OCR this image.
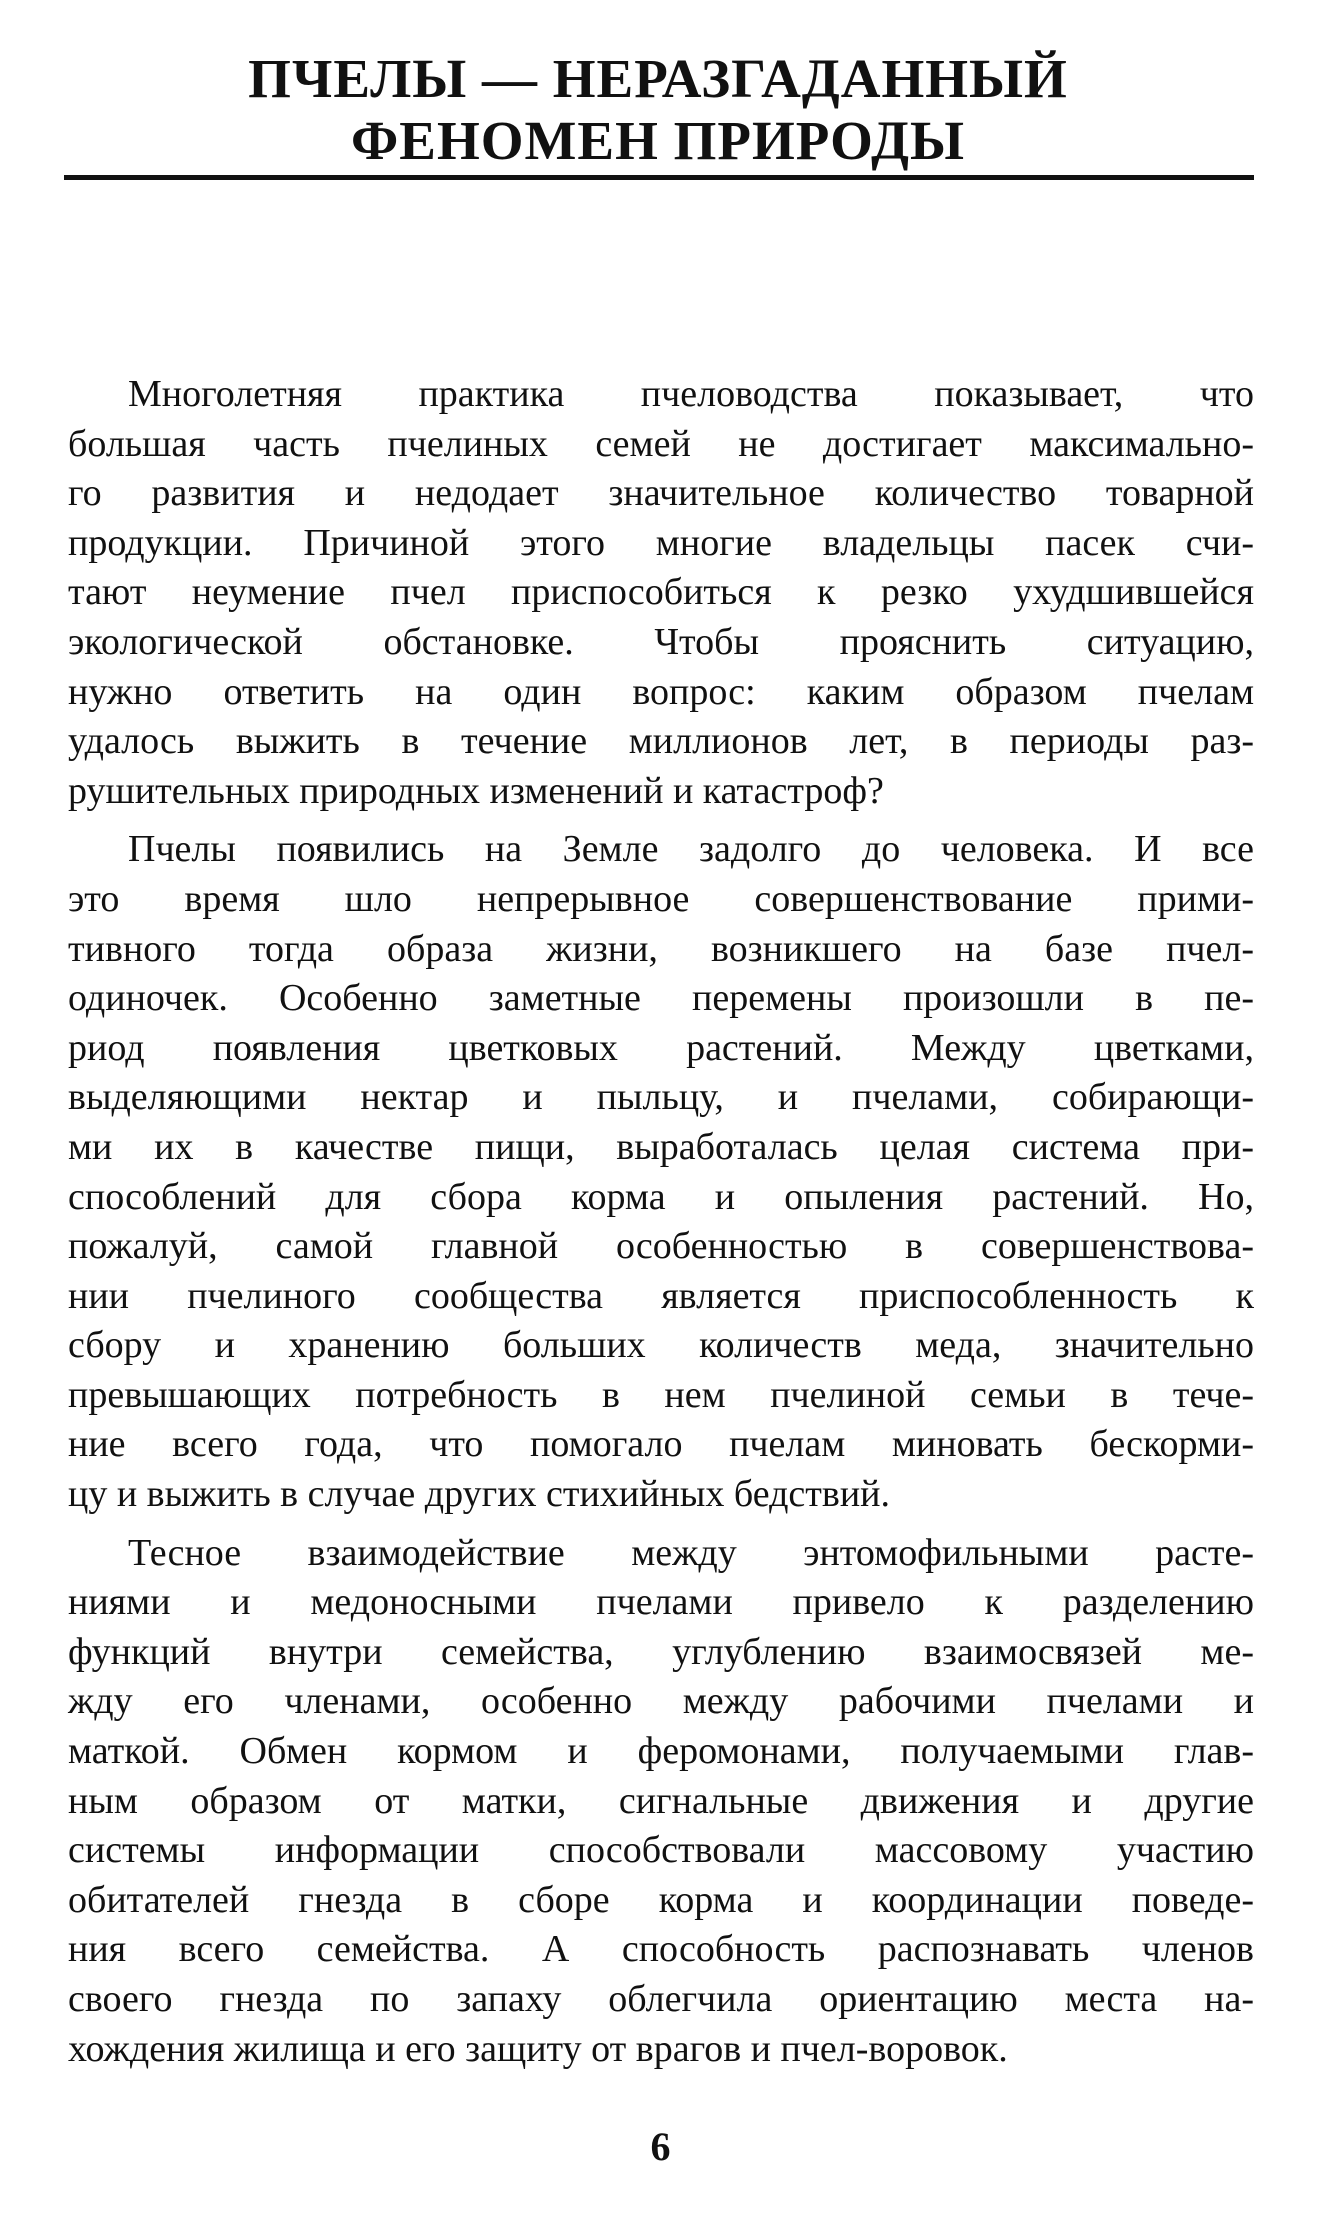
ПЧЕЛЫ — НЕРАЗГАДАННЫЙ
ФЕНОМЕН ПРИРОДЫ

Многолетняя практика пчеловодства показывает, что
большая часть пчелиных семей не достигает максимально-
го развития и недодает значительное количество товарной
продукции. Причиной этого многие владельцы пасек счи-
тают неумение пчел приспособиться к резко ухудшившейся
экологической обстановке. Чтобы прояснить ситуацию,
нужно ответить на один вопрос: каким образом пчелам
удалось выжить в течение миллионов лет, в периоды раз-
рушительных природных изменений и катастроф?

Пчелы появились на Земле задолго до человека. И все
это время шло непрерывное совершенствование прими-
тивного тогда образа жизни, возникшего на базе пчел-
одиночек. Особенно заметные перемены произошли в пе-
риод появления цветковых растений. Между цветками,
выделяющими нектар и пыльцу, и пчелами, собирающи-
ми их в качестве пищи, выработалась целая система при-
способлений для сбора корма и опыления растений. Но,
пожалуй, самой главной особенностью в совершенствова-
нии пчелиного сообщества является приспособленность к
сбору и хранению больших количеств меда, значительно
превышающих потребность в нем пчелиной семьи в тече-
ние всего года, что помогало пчелам миновать бескорми-
цу и выжить в случае других стихийных бедствий.

Тесное взаимодействие между энтомофильными расте-
ниями и медоносными пчелами привело к разделению
функций внутри семейства, углублению взаимосвязей ме-
жду его членами, особенно между рабочими пчелами и
маткой. Обмен кормом и феромонами, получаемыми глав-
ным образом от матки, сигнальные движения и другие
системы информации способствовали массовому участию
обитателей гнезда в сборе корма и координации поведе-
ния всего семейства. А способность распознавать членов
своего гнезда по запаху облегчила ориентацию места на-
хождения жилища и его защиту от врагов и пчел-воровок.

6
